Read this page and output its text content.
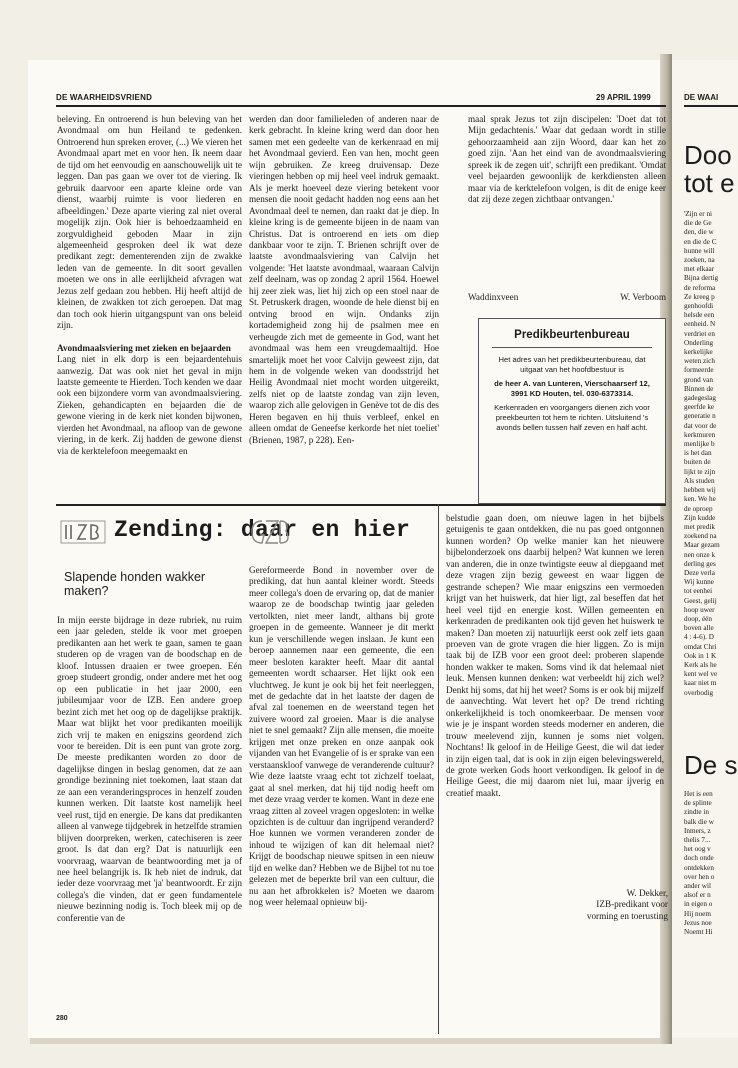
DE WAARHEIDSVRIEND	29 APRIL 1999

beleving. En ontroerend is hun beleving van het Avondmaal om hun Heiland te gedenken. Ontroerend hun spreken erover, (...) We vieren het Avondmaal apart met en voor hen. Ik neem daar de tijd om het eenvoudig en aanschouwelijk uit te leggen. Dan pas gaan we over tot de viering. Ik gebruik daarvoor een aparte kleine orde van dienst, waarbij ruimte is voor liederen en afbeeldingen.' Deze aparte viering zal niet overal mogelijk zijn. Ook hier is behoedzaamheid en zorgvuldigheid geboden Maar in zijn algemeenheid gesproken deel ik wat deze predikant zegt: dementerenden zijn de zwakke leden van de gemeente. In dit soort gevallen moeten we ons in alle eerlijkheid afvragen wat Jezus zelf gedaan zou hebben. Hij heeft altijd de kleinen, de zwakken tot zich geroepen. Dat mag dan toch ook hierin uitgangspunt van ons beleid zijn.

Avondmaalsviering met zieken en bejaarden

Lang niet in elk dorp is een bejaardentehuis aanwezig. Dat was ook niet het geval in mijn laatste gemeente te Hierden. Toch kenden we daar ook een bijzondere vorm van avondmaalsviering. Zieken, gehandicapten en bejaarden die de gewone viering in de kerk niet konden bijwonen, vierden het Avondmaal, na afloop van de gewone viering, in de kerk. Zij hadden de gewone dienst via de kerktelefoon meegemaakt en

werden dan door familieleden of anderen naar de kerk gebracht. In kleine kring werd dan door hen samen met een gedeelte van de kerkenraad en mij het Avondmaal gevierd. Een van hen, mocht geen wijn gebruiken. Ze kreeg druivensap. Deze vieringen hebben op mij heel veel indruk gemaakt. Als je merkt hoeveel deze viering betekent voor mensen die nooit gedacht hadden nog eens aan het Avondmaal deel te nemen, dan raakt dat je diep. In kleine kring is de gemeente bijeen in de naam van Christus. Dat is ontroerend en iets om diep dankbaar voor te zijn. T. Brienen schrijft over de laatste avondmaalsviering van Calvijn het volgende: 'Het laatste avondmaal, waaraan Calvijn zelf deelnam, was op zondag 2 april 1564. Hoewel hij zeer ziek was, liet hij zich op een stoel naar de St. Petruskerk dragen, woonde de hele dienst bij en ontving brood en wijn. Ondanks zijn kortademigheid zong hij de psalmen mee en verheugde zich met de gemeente in God, want het avondmaal was hem een vreugdemaaltijd. Hoe smartelijk moet het voor Calvijn geweest zijn, dat hem in de volgende weken van doodsstrijd het Heilig Avondmaal niet mocht worden uitgereikt, zelfs niet op de laatste zondag van zijn leven, waarop zich alle gelovigen in Genève tot de dis des Heren begaven en hij thuis verbleef, enkel en alleen omdat de Geneefse kerkorde het niet toeliet' (Brienen, 1987, p 228). Een-

maal sprak Jezus tot zijn discipelen: 'Doet dat tot Mijn gedachtenis.' Waar dat gedaan wordt in stille gehoorzaamheid aan zijn Woord, daar kan het zo goed zijn. 'Aan het eind van de avondmaalsviering spreek ik de zegen uit', schrijft een predikant. 'Omdat veel bejaarden gewoonlijk de kerkdiensten alleen maar via de kerktelefoon volgen, is dit de enige keer dat zij deze zegen zichtbaar ontvangen.'

Waddinxveen	W. Verboom
Predikbeurtenbureau
Het adres van het predikbeurtenbureau, dat uitgaat van het hoofdbestuur is
de heer A. van Lunteren, Vierschaarserf 12, 3991 KD Houten, tel. 030-6373314.
Kerkenraden en voorgangers dienen zich voor preekbeurten tot hem te richten. Uitsluitend 's avonds bellen tussen half zeven en half acht.
Zending: daar en hier
Slapende honden wakker maken?

In mijn eerste bijdrage in deze rubriek, nu ruim een jaar geleden, stelde ik voor met groepen predikanten aan het werk te gaan, samen te gaan studeren op de vragen van de boodschap en de kloof. Intussen draaien er twee groepen. Eén groep studeert grondig, onder andere met het oog op een publicatie in het jaar 2000, een jubileumjaar voor de IZB. Een andere groep bezint zich met het oog op de dagelijkse praktijk. Maar wat blijkt het voor predikanten moeilijk zich vrij te maken en enigszins geordend zich voor te bereiden. Dit is een punt van grote zorg. De meeste predikanten worden zo door de dagelijkse dingen in beslag genomen, dat ze aan grondige bezinning niet toekomen, laat staan dat ze aan een veranderingsproces in henzelf zouden kunnen werken. Dit laatste kost namelijk heel veel rust, tijd en energie. De kans dat predikanten alleen al vanwege tijdgebrek in hetzelfde stramien blijven doorpreken, werken, catechiseren is zeer groot. Is dat dan erg? Dat is natuurlijk een voorvraag, waarvan de beantwoording met ja of nee heel belangrijk is. Ik heb niet de indruk, dat ieder deze voorvraag met 'ja' beantwoordt. Er zijn collega's die vinden, dat er geen fundamentele nieuwe bezinning nodig is. Toch bleek mij op de conferentie van de

Gereformeerde Bond in november over de prediking, dat hun aantal kleiner wordt. Steeds meer collega's doen de ervaring op, dat de manier waarop ze de boodschap twintig jaar geleden vertolkten, niet meer landt, althans bij grote groepen in de gemeente. Wanneer je dit merkt kun je verschillende wegen inslaan. Je kunt een beroep aannemen naar een gemeente, die een meer besloten karakter heeft. Maar dit aantal gemeenten wordt schaarser. Het lijkt ook een vluchtweg. Je kunt je ook bij het feit neerleggen, met de gedachte dat in het laatste der dagen de afval zal toenemen en de weerstand tegen het zuivere woord zal groeien. Maar is die analyse niet te snel gemaakt? Zijn alle mensen, die moeite krijgen met onze preken en onze aanpak ook vijanden van het Evangelie of is er sprake van een verstaanskloof vanwege de veranderende cultuur? Wie deze laatste vraag echt tot zichzelf toelaat, gaat al snel merken, dat hij tijd nodig heeft om met deze vraag verder te komen. Want in deze ene vraag zitten al zoveel vragen opgesloten: in welke opzichten is de cultuur dan ingrijpend veranderd? Hoe kunnen we vormen veranderen zonder de inhoud te wijzigen of kan dit helemaal niet? Krijgt de boodschap nieuwe spitsen in een nieuw tijd en welke dan? Hebben we de Bijbel tot nu toe gelezen met de beperkte bril van een cultuur, die nu aan het afbrokkelen is? Moeten we daarom nog weer helemaal opnieuw bij-

belstudie gaan doen, om nieuwe lagen in het bijbels getuigenis te gaan ontdekken, die nu pas goed ontgonnen kunnen worden? Op welke manier kan het nieuwere bijbelonderzoek ons daarbij helpen? Wat kunnen we leren van anderen, die in onze twintigste eeuw al diepgaand met deze vragen zijn bezig geweest en waar liggen de gestrande schepen? Wie maar enigszins een vermoeden krijgt van het huiswerk, dat hier ligt, zal beseffen dat het heel veel tijd en energie kost. Willen gemeenten en kerkenraden de predikanten ook tijd geven het huiswerk te maken? Dan moeten zij natuurlijk eerst ook zelf iets gaan proeven van de grote vragen die hier liggen. Zo is mijn taak bij de IZB voor een groot deel: proberen slapende honden wakker te maken. Soms vind ik dat helemaal niet leuk. Mensen kunnen denken: wat verbeeldt hij zich wel? Denkt hij soms, dat hij het weet? Soms is er ook bij mijzelf de aanvechting. Wat levert het op? De trend richting onkerkelijkheid is toch onomkeerbaar. De mensen voor wie je je inspant worden steeds moderner en anderen, die trouw meelevend zijn, kunnen je soms niet volgen. Nochtans! Ik geloof in de Heilige Geest, die wil dat ieder in zijn eigen taal, dat is ook in zijn eigen belevingswereld, de grote werken Gods hoort verkondigen. Ik geloof in de Heilige Geest, die mij daarom niet lui, maar ijverig en creatief maakt.

W. Dekker,
IZB-predikant voor
vorming en toerusting
280
DE WAAI
Doo
tot e
'Zijn er ni
die de Ge
den, die w
en die de C
hunne will
zoeken, na
met elkaar
Bijna dertig
de reforma
Ze kreeg p
genhoofdi
helsde een
eenheid. N
verdriet en
Onderling
kerkelijke
weten zich
formeerde
grond van
Binnen de
gadegeslag
geerfde ke
generatie n
dat voor de
kerkmuren
menlijke b
is het dan
buiten de
lijkt te zijn
Als studen
hebben wij
ken. We he
de oproep
Zijn kudde
met predik
zoekend na
Maar gezam
nen onze k
derling ges
Deze verla
Wij kunne
tot eenhei
Geest, gelij
hoop uwer
doop, één
boven alle
4 : 4-6). D
omdat Chri
Ook in 1 K
Kerk als he
kent wel ve
kaar niet m
overbodig
De s
Het is een
de splinte
zindte in
balk die w
Inmers, z
thelis 7...
het oog v
doch onde
ontdekken
over hen o
ander wil
alsof er n
in eigen o
Hij noem
Jezus noe
Noemt Hi
